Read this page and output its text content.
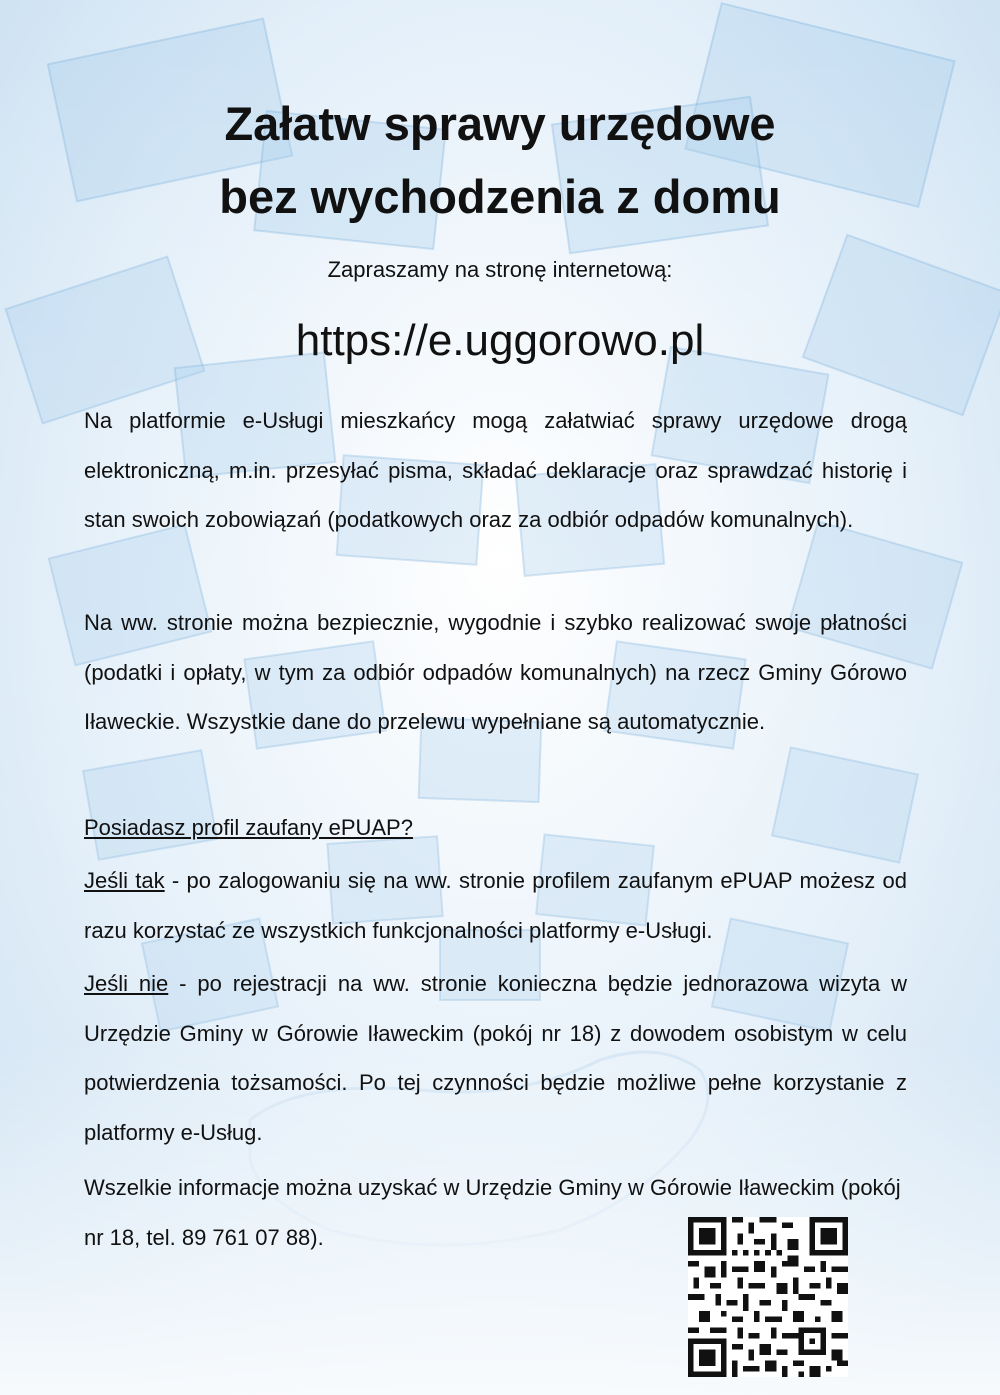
Załatw sprawy urzędowe
bez wychodzenia z domu
Zapraszamy na stronę internetową:
https://e.uggorowo.pl

Na platformie e-Usługi mieszkańcy mogą załatwiać sprawy urzędowe drogą elektroniczną, m.in. przesyłać pisma, składać deklaracje oraz sprawdzać historię i stan swoich zobowiązań (podatkowych oraz za odbiór odpadów komunalnych).

Na ww. stronie można bezpiecznie, wygodnie i szybko realizować swoje płatności (podatki i opłaty, w tym za odbiór odpadów komunalnych) na rzecz Gminy Górowo Iławeckie. Wszystkie dane do przelewu wypełniane są automatycznie.

Posiadasz profil zaufany ePUAP?

Jeśli tak - po zalogowaniu się na ww. stronie profilem zaufanym ePUAP możesz od razu korzystać ze wszystkich funkcjonalności platformy e-Usługi.

Jeśli nie - po rejestracji na ww. stronie konieczna będzie jednorazowa wizyta w Urzędzie Gminy w Górowie Iławeckim (pokój nr 18) z dowodem osobistym w celu potwierdzenia tożsamości. Po tej czynności będzie możliwe pełne korzystanie z platformy e-Usług.

Wszelkie informacje można uzyskać w Urzędzie Gminy w Górowie Iławeckim (pokój nr 18, tel. 89 761 07 88).
